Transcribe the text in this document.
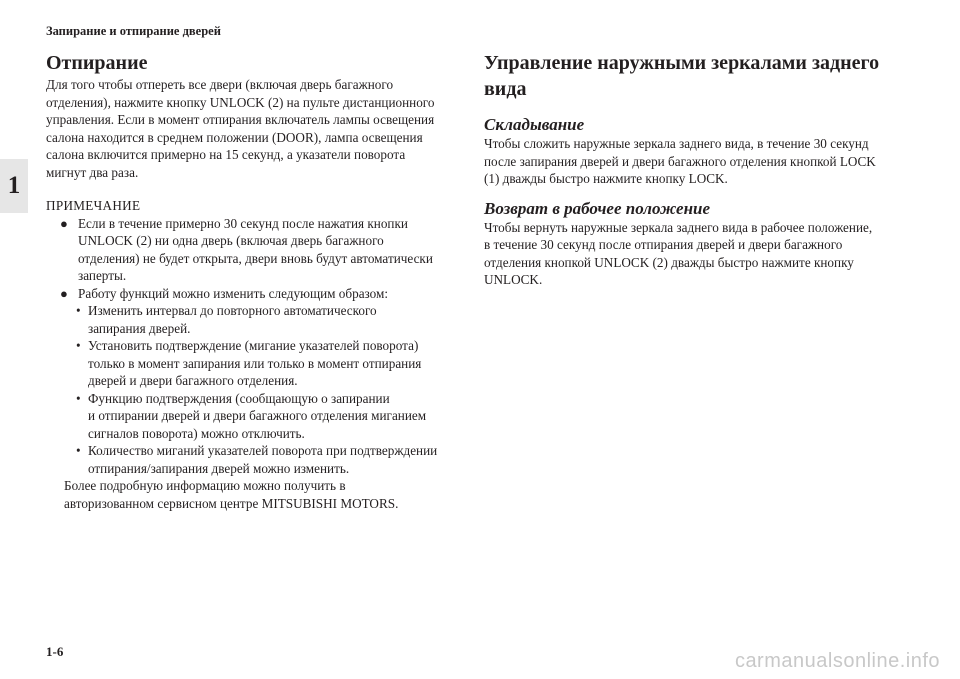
Запирание и отпирание дверей
1
Отпирание

Для того чтобы отпереть все двери (включая дверь багажного
отделения), нажмите кнопку UNLOCK (2) на пульте дистанционного
управления. Если в момент отпирания включатель лампы освещения
салона находится в среднем положении (DOOR), лампа освещения
салона включится примерно на 15 секунд, а указатели поворота
мигнут два раза.

ПРИМЕЧАНИЕ

● Если в течение примерно 30 секунд после нажатия кнопки
UNLOCK (2) ни одна дверь (включая дверь багажного
отделения) не будет открыта, двери вновь будут автоматически
заперты.

● Работу функций можно изменить следующим образом:

• Изменить интервал до повторного автоматического
запирания дверей.

• Установить подтверждение (мигание указателей поворота)
только в момент запирания или только в момент отпирания
дверей и двери багажного отделения.

• Функцию подтверждения (сообщающую о запирании
и отпирании дверей и двери багажного отделения миганием
сигналов поворота) можно отключить.

• Количество миганий указателей поворота при подтверждении
отпирания/запирания дверей можно изменить.

Более подробную информацию можно получить в
авторизованном сервисном центре MITSUBISHI MOTORS.

Управление наружными зеркалами заднего вида
Складывание

Чтобы сложить наружные зеркала заднего вида, в течение 30 секунд
после запирания дверей и двери багажного отделения кнопкой LOCK
(1) дважды быстро нажмите кнопку LOCK.

Возврат в рабочее положение

Чтобы вернуть наружные зеркала заднего вида в рабочее положение,
в течение 30 секунд после отпирания дверей и двери багажного
отделения кнопкой UNLOCK (2) дважды быстро нажмите кнопку
UNLOCK.

1-6	carmanualsonline.info
